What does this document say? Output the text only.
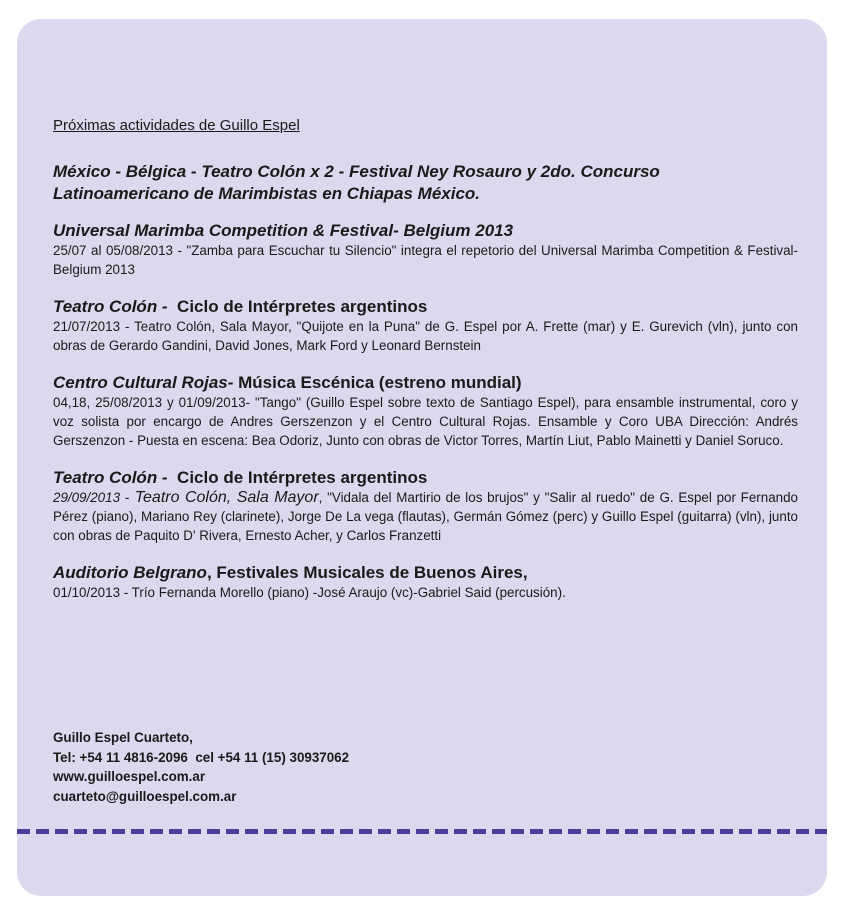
Próximas actividades de Guillo Espel
México - Bélgica - Teatro Colón x 2 - Festival Ney Rosauro y 2do. Concurso Latinoamericano de Marimbistas en Chiapas México.
Universal Marimba Competition & Festival- Belgium 2013
25/07 al 05/08/2013 - "Zamba para Escuchar tu Silencio" integra el repetorio del Universal Marimba Competition & Festival- Belgium 2013
Teatro Colón -  Ciclo de Intérpretes argentinos
21/07/2013 - Teatro Colón, Sala Mayor, "Quijote en la Puna" de G. Espel por A. Frette (mar) y E. Gurevich (vln), junto con obras de Gerardo Gandini, David Jones, Mark Ford y Leonard Bernstein
Centro Cultural Rojas- Música Escénica (estreno mundial)
04,18, 25/08/2013 y 01/09/2013- "Tango" (Guillo Espel sobre texto de Santiago Espel), para ensamble instrumental, coro y voz solista por encargo de Andres Gerszenzon y el Centro Cultural Rojas. Ensamble y Coro UBA Dirección: Andrés Gerszenzon - Puesta en escena: Bea Odoriz, Junto con obras de Victor Torres, Martín Liut, Pablo Mainetti y Daniel Soruco.
Teatro Colón -  Ciclo de Intérpretes argentinos
29/09/2013 - Teatro Colón, Sala Mayor, "Vidala del Martirio de los brujos" y "Salir al ruedo" de G. Espel por Fernando Pérez (piano), Mariano Rey (clarinete), Jorge De La vega (flautas), Germán Gómez (perc) y Guillo Espel (guitarra) (vln), junto con obras de Paquito D' Rivera, Ernesto Acher, y Carlos Franzetti
Auditorio Belgrano, Festivales Musicales de Buenos Aires,
01/10/2013 - Trío Fernanda Morello (piano) -José Araujo (vc)-Gabriel Said (percusión).
Guillo Espel Cuarteto,
Tel: +54 11 4816-2096  cel +54 11 (15) 30937062
www.guilloespel.com.ar
cuarteto@guilloespel.com.ar
